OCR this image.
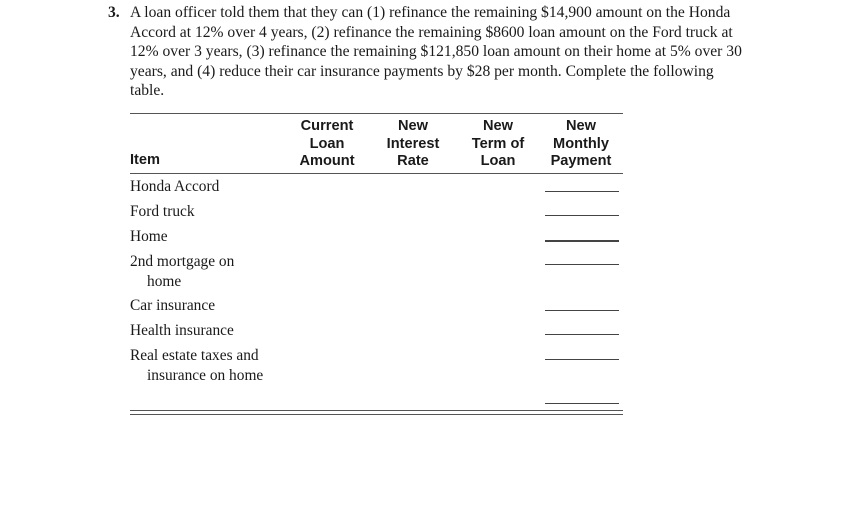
3. A loan officer told them that they can (1) refinance the remaining $14,900 amount on the Honda Accord at 12% over 4 years, (2) refinance the remaining $8600 loan amount on the Ford truck at 12% over 3 years, (3) refinance the remaining $121,850 loan amount on their home at 5% over 30 years, and (4) reduce their car insurance payments by $28 per month. Complete the following table.
Item
Current
Loan
Amount
New
Interest
Rate
New
Term of
Loan
New
Monthly
Payment
Honda Accord
Ford truck
Home
2nd mortgage on
home
Car insurance
Health insurance
Real estate taxes and
insurance on home
